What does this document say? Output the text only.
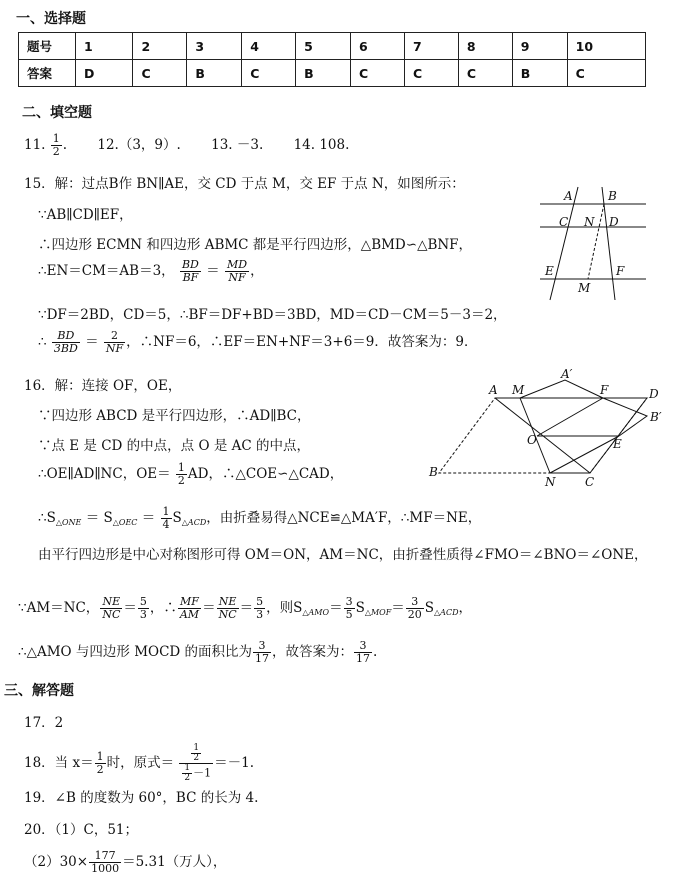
一、选择题
题号	1	2	3	4	5	6	7	8	9	10
答案	D	C	B	C	B	C	C	C	B	C
二、填空题
11. $\frac{1}{2}$ . 12.（3，9）. 13. －3. 14. 108.
15．解：过点B作 BN∥AE，交 CD 于点 M，交 EF 于点 N，如图所示：
∵AB∥CD∥EF，
∴四边形 ECMN 和四边形 ABMC 都是平行四边形，△BMD∽△BNF，
∴EN＝CM＝AB＝3， $\frac{BD}{BF} = \frac{MD}{NF}$ ，
∵DF＝2BD，CD＝5，∴BF＝DF+BD＝3BD，MD＝CD－CM＝5－3＝2，
∴ $\frac{BD}{3BD} = \frac{2}{NF}$ ，∴NF＝6，∴EF＝EN+NF＝3+6＝9．故答案为：9．
A	B
C N D
E	F
M
16．解：连接 OF，OE，
∵四边形 ABCD 是平行四边形，∴AD∥BC，
∵点 E 是 CD 的中点，点 O 是 AC 的中点，
∴OE∥AD∥NC，$OE= \frac{1}{2}$ AD，∴△COE∽△CAD，
$\therefore S_{\triangle ONE} = S_{\triangle OEC} = \frac{1}{4} S_{\triangle ACD}$，由折叠易得△NCE≌△MA′F，∴MF＝NE，
由平行四边形是中心对称图形可得 OM＝ON，AM＝NC，由折叠性质得∠FMO＝∠BNO＝∠ONE，
∵AM＝NC， $\frac{NE}{NC} = \frac{5}{3}$ ，∴ $\frac{MF}{AM} = \frac{NE}{NC} = \frac{5}{3}$ ，则$S_{\triangle AMO}= \frac{3}{5} S_{\triangle MOF}= \frac{3}{20} S_{\triangle ACD}$，
∴△AMO 与四边形 MOCD 的面积比为 $\frac{3}{17}$ ，故答案为： $\frac{3}{17}$ .
A M
A′
F	D
B′
O	E
B
N C
三、解答题
17．2
18．当 $x= \frac{1}{2}$ 时，原式＝ $\frac{\frac{1}{2}}{\frac{1}{2} -1} =-1$.
19．∠B 的度数为 60°，BC 的长为 4.
20．（1）C，51；
$(2)30\times \frac{177}{1000} =5.31$（万人），
